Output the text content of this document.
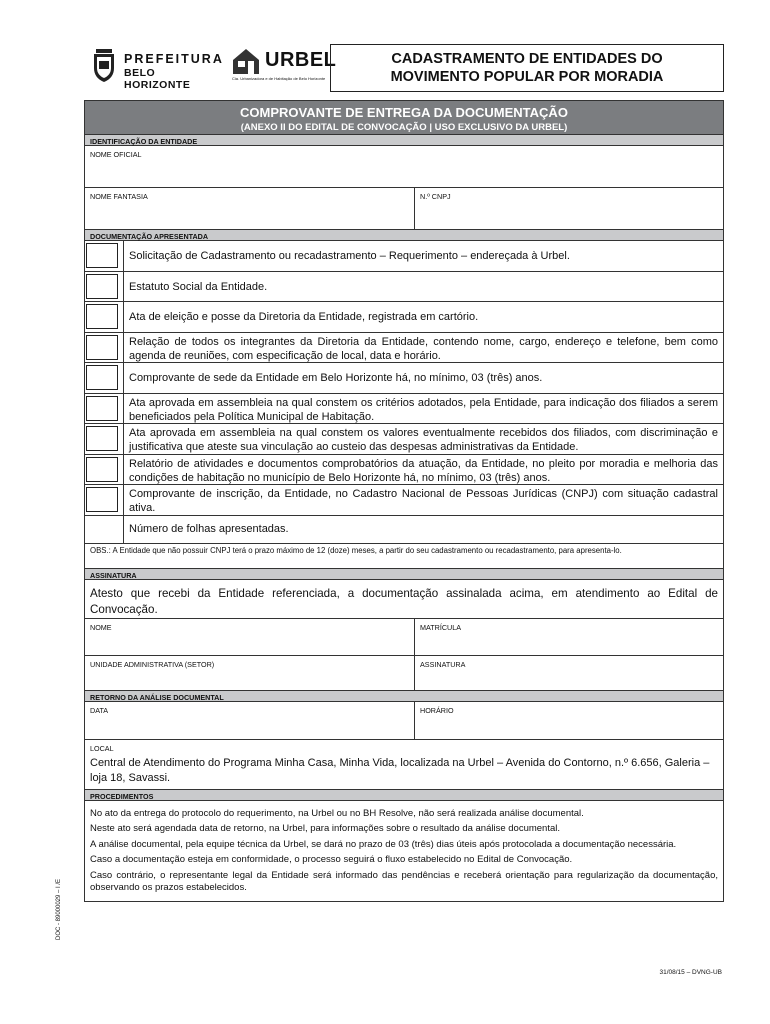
PREFEITURA
BELO HORIZONTE
URBEL
Cia. Urbanizadora e de Habitação de Belo Horizonte
CADASTRAMENTO DE ENTIDADES DO
MOVIMENTO POPULAR POR MORADIA
COMPROVANTE DE ENTREGA DA DOCUMENTAÇÃO
(ANEXO II DO EDITAL DE CONVOCAÇÃO | USO EXCLUSIVO DA URBEL)
IDENTIFICAÇÃO DA ENTIDADE
NOME OFICIAL
NOME FANTASIA	N.º CNPJ
DOCUMENTAÇÃO APRESENTADA
Solicitação de Cadastramento ou recadastramento – Requerimento – endereçada à Urbel.
Estatuto Social da Entidade.
Ata de eleição e posse da Diretoria da Entidade, registrada em cartório.
Relação de todos os integrantes da Diretoria da Entidade, contendo nome, cargo, endereço e telefone, bem como agenda de reuniões, com especificação de local, data e horário.
Comprovante de sede da Entidade em Belo Horizonte há, no mínimo, 03 (três) anos.
Ata aprovada em assembleia na qual constem os critérios adotados, pela Entidade, para indicação dos filiados a serem beneficiados pela Política Municipal de Habitação.
Ata aprovada em assembleia na qual constem os valores eventualmente recebidos dos filiados, com discriminação e justificativa que ateste sua vinculação ao custeio das despesas administrativas da Entidade.
Relatório de atividades e documentos comprobatórios da atuação, da Entidade, no pleito por moradia e melhoria das condições de habitação no município de Belo Horizonte há, no mínimo, 03 (três) anos.
Comprovante de inscrição, da Entidade, no Cadastro Nacional de Pessoas Jurídicas (CNPJ) com situação cadastral ativa.
Número de folhas apresentadas.
OBS.: A Entidade que não possuir CNPJ terá o prazo máximo de 12 (doze) meses, a partir do seu cadastramento ou recadastramento, para apresenta-lo.
ASSINATURA
Atesto que recebi da Entidade referenciada, a documentação assinalada acima, em atendimento ao Edital de Convocação.
NOME	MATRÍCULA
UNIDADE ADMINISTRATIVA (SETOR)	ASSINATURA
RETORNO DA ANÁLISE DOCUMENTAL
DATA	HORÁRIO
LOCAL
Central de Atendimento do Programa Minha Casa, Minha Vida, localizada na Urbel – Avenida do Contorno, n.º 6.656, Galeria – loja 18, Savassi.
PROCEDIMENTOS

No ato da entrega do protocolo do requerimento, na Urbel ou no BH Resolve, não será realizada análise documental.

Neste ato será agendada data de retorno, na Urbel, para informações sobre o resultado da análise documental.

A análise documental, pela equipe técnica da Urbel, se dará no prazo de 03 (três) dias úteis após protocolada a documentação necessária.

Caso a documentação esteja em conformidade, o processo seguirá o fluxo estabelecido no Edital de Convocação.

Caso contrário, o representante legal da Entidade será informado das pendências e receberá orientação para regularização da documentação, observando os prazos estabelecidos.

DOC - 89000029 – I /E
31/08/15 – DVNG-UB
